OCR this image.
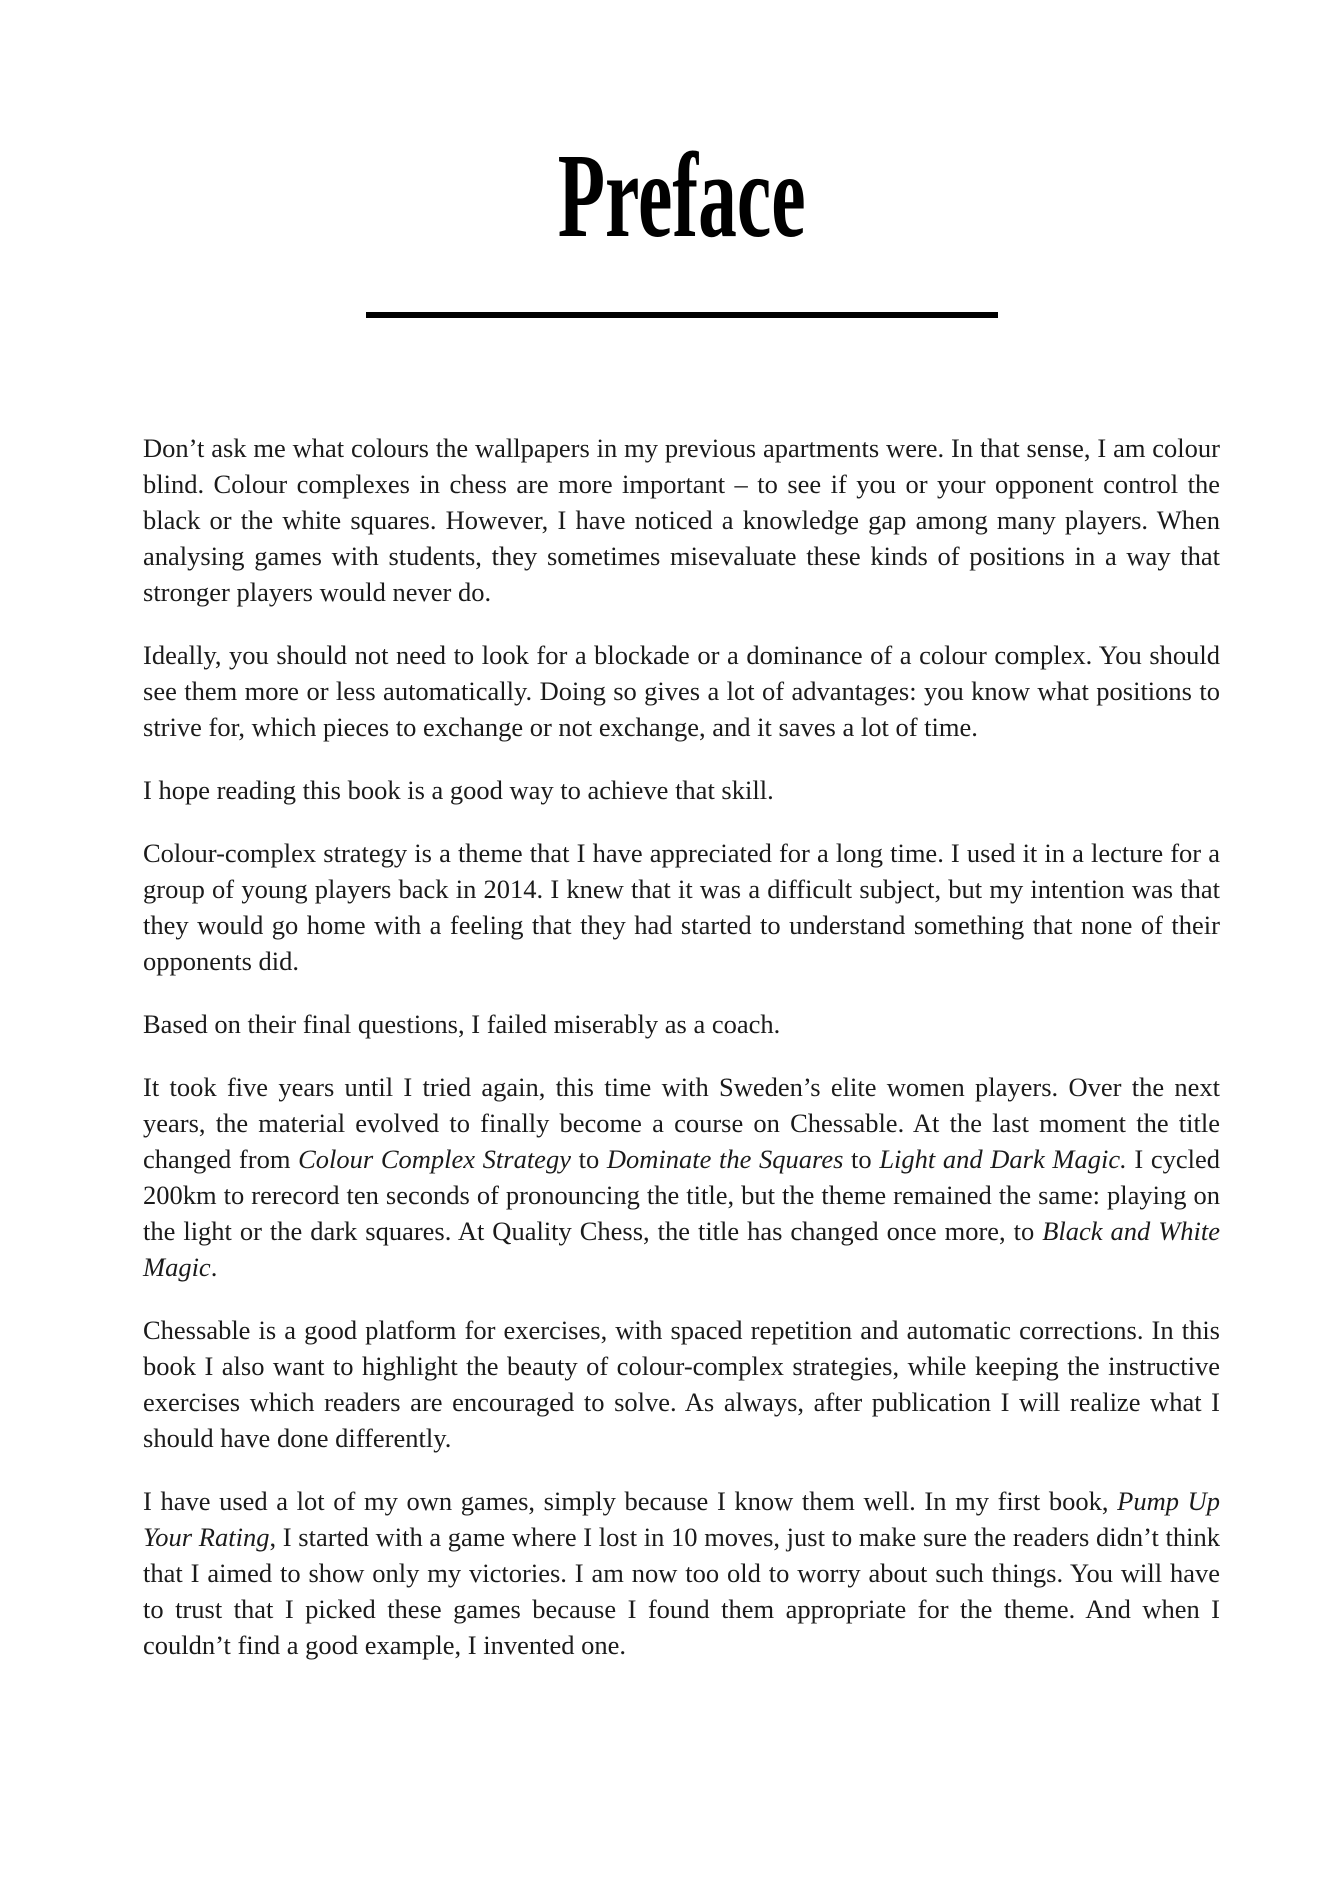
Preface

Don’t ask me what colours the wallpapers in my previous apartments were. In that sense, I am colour blind. Colour complexes in chess are more important – to see if you or your opponent control the black or the white squares. However, I have noticed a knowledge gap among many players. When analysing games with students, they sometimes misevaluate these kinds of positions in a way that stronger players would never do.

Ideally, you should not need to look for a blockade or a dominance of a colour complex. You should see them more or less automatically. Doing so gives a lot of advantages: you know what positions to strive for, which pieces to exchange or not exchange, and it saves a lot of time.

I hope reading this book is a good way to achieve that skill.

Colour-complex strategy is a theme that I have appreciated for a long time. I used it in a lecture for a group of young players back in 2014. I knew that it was a difficult subject, but my intention was that they would go home with a feeling that they had started to understand something that none of their opponents did.

Based on their final questions, I failed miserably as a coach.

It took five years until I tried again, this time with Sweden’s elite women players. Over the next years, the material evolved to finally become a course on Chessable. At the last moment the title changed from Colour Complex Strategy to Dominate the Squares to Light and Dark Magic. I cycled 200km to rerecord ten seconds of pronouncing the title, but the theme remained the same: playing on the light or the dark squares. At Quality Chess, the title has changed once more, to Black and White Magic.

Chessable is a good platform for exercises, with spaced repetition and automatic corrections. In this book I also want to highlight the beauty of colour-complex strategies, while keeping the instructive exercises which readers are encouraged to solve. As always, after publication I will realize what I should have done differently.

I have used a lot of my own games, simply because I know them well. In my first book, Pump Up Your Rating, I started with a game where I lost in 10 moves, just to make sure the readers didn’t think that I aimed to show only my victories. I am now too old to worry about such things. You will have to trust that I picked these games because I found them appropriate for the theme. And when I couldn’t find a good example, I invented one.
